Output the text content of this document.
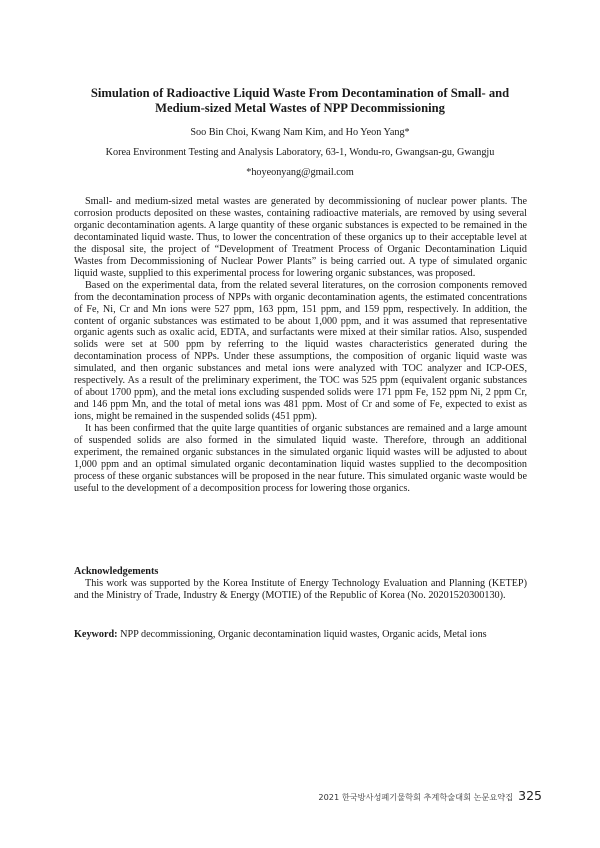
Simulation of Radioactive Liquid Waste From Decontamination of Small- and
Medium-sized Metal Wastes of NPP Decommissioning
Soo Bin Choi, Kwang Nam Kim, and Ho Yeon Yang*
Korea Environment Testing and Analysis Laboratory, 63-1, Wondu-ro, Gwangsan-gu, Gwangju
*hoyeonyang@gmail.com

Small- and medium-sized metal wastes are generated by decommissioning of nuclear power plants. The corrosion products deposited on these wastes, containing radioactive materials, are removed by using several organic decontamination agents. A large quantity of these organic substances is expected to be remained in the decontaminated liquid waste. Thus, to lower the concentration of these organics up to their acceptable level at the disposal site, the project of “Development of Treatment Process of Organic Decontamination Liquid Wastes from Decommissioning of Nuclear Power Plants” is being carried out. A type of simulated organic liquid waste, supplied to this experimental process for lowering organic substances, was proposed.

Based on the experimental data, from the related several literatures, on the corrosion components removed from the decontamination process of NPPs with organic decontamination agents, the estimated concentrations of Fe, Ni, Cr and Mn ions were 527 ppm, 163 ppm, 151 ppm, and 159 ppm, respectively. In addition, the content of organic substances was estimated to be about 1,000 ppm, and it was assumed that representative organic agents such as oxalic acid, EDTA, and surfactants were mixed at their similar ratios. Also, suspended solids were set at 500 ppm by referring to the liquid wastes characteristics generated during the decontamination process of NPPs. Under these assumptions, the composition of organic liquid waste was simulated, and then organic substances and metal ions were analyzed with TOC analyzer and ICP-OES, respectively. As a result of the preliminary experiment, the TOC was 525 ppm (equivalent organic substances of about 1700 ppm), and the metal ions excluding suspended solids were 171 ppm Fe, 152 ppm Ni, 2 ppm Cr, and 146 ppm Mn, and the total of metal ions was 481 ppm. Most of Cr and some of Fe, expected to exist as ions, might be remained in the suspended solids (451 ppm).

It has been confirmed that the quite large quantities of organic substances are remained and a large amount of suspended solids are also formed in the simulated liquid waste. Therefore, through an additional experiment, the remained organic substances in the simulated organic liquid wastes will be adjusted to about 1,000 ppm and an optimal simulated organic decontamination liquid wastes supplied to the decomposition process of these organic substances will be proposed in the near future. This simulated organic waste would be useful to the development of a decomposition process for lowering those organics.

Acknowledgements

This work was supported by the Korea Institute of Energy Technology Evaluation and Planning (KETEP) and the Ministry of Trade, Industry & Energy (MOTIE) of the Republic of Korea (No. 20201520300130).

Keyword: NPP decommissioning, Organic decontamination liquid wastes, Organic acids, Metal ions
2021 한국방사성폐기물학회 추계학술대회 논문요약집 325
